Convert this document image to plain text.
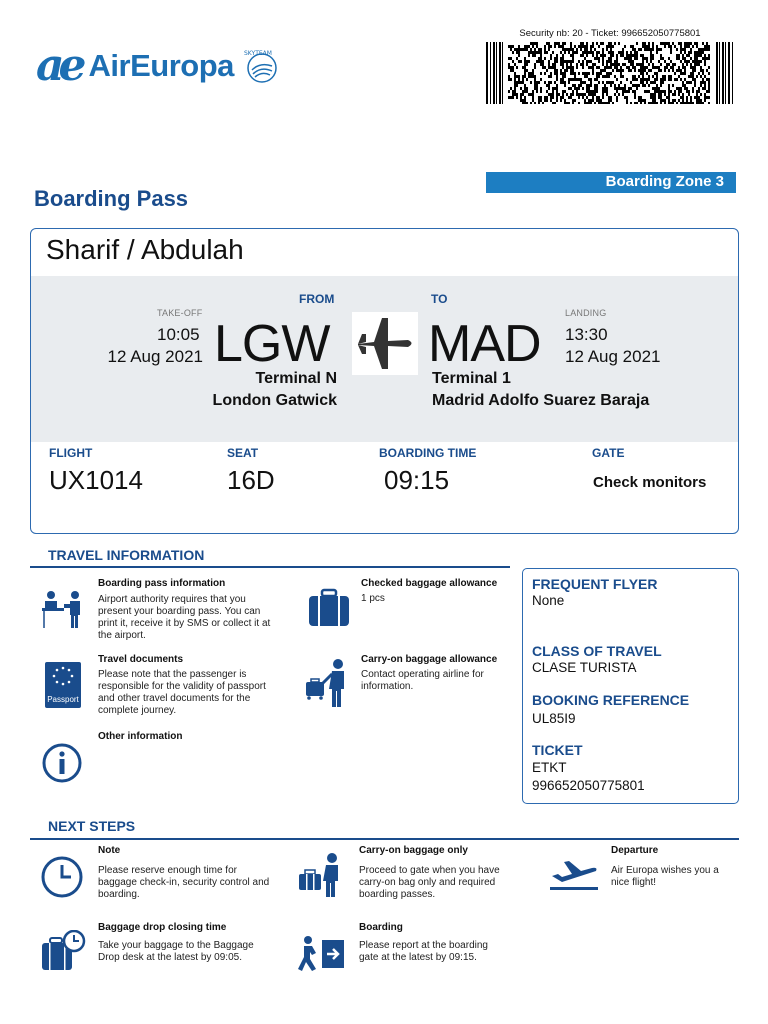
ae AirEuropa SKYTEAM
Security nb: 20 - Ticket: 996652050775801
Boarding Pass
Boarding Zone 3
Sharif / Abdulah
FROM	TO
TAKE-OFF
10:05
12 Aug 2021 LGW MAD
LANDING
13:30
12 Aug 2021
Terminal N	Terminal 1
London Gatwick	Madrid Adolfo Suarez Baraja
FLIGHT
UX1014
SEAT
16D
BOARDING TIME
09:15
GATE
Check monitors
TRAVEL INFORMATION
Boarding pass information
Airport authority requires that you present your boarding pass. You can print it, receive it by SMS or collect it at the airport.
Passport
Travel documents
Please note that the passenger is responsible for the validity of passport and other travel documents for the complete journey.
Other information
Checked baggage allowance
1 pcs
Carry-on baggage allowance
Contact operating airline for information.
FREQUENT FLYER
None
CLASS OF TRAVEL
CLASE TURISTA
BOOKING REFERENCE
UL85I9
TICKET
ETKT
996652050775801
NEXT STEPS
Note
Please reserve enough time for baggage check-in, security control and boarding.
Carry-on baggage only
Proceed to gate when you have carry-on bag only and required boarding passes.
Departure
Air Europa wishes you a nice flight!
Baggage drop closing time
Take your baggage to the Baggage Drop desk at the latest by 09:05.
Boarding
Please report at the boarding gate at the latest by 09:15.
